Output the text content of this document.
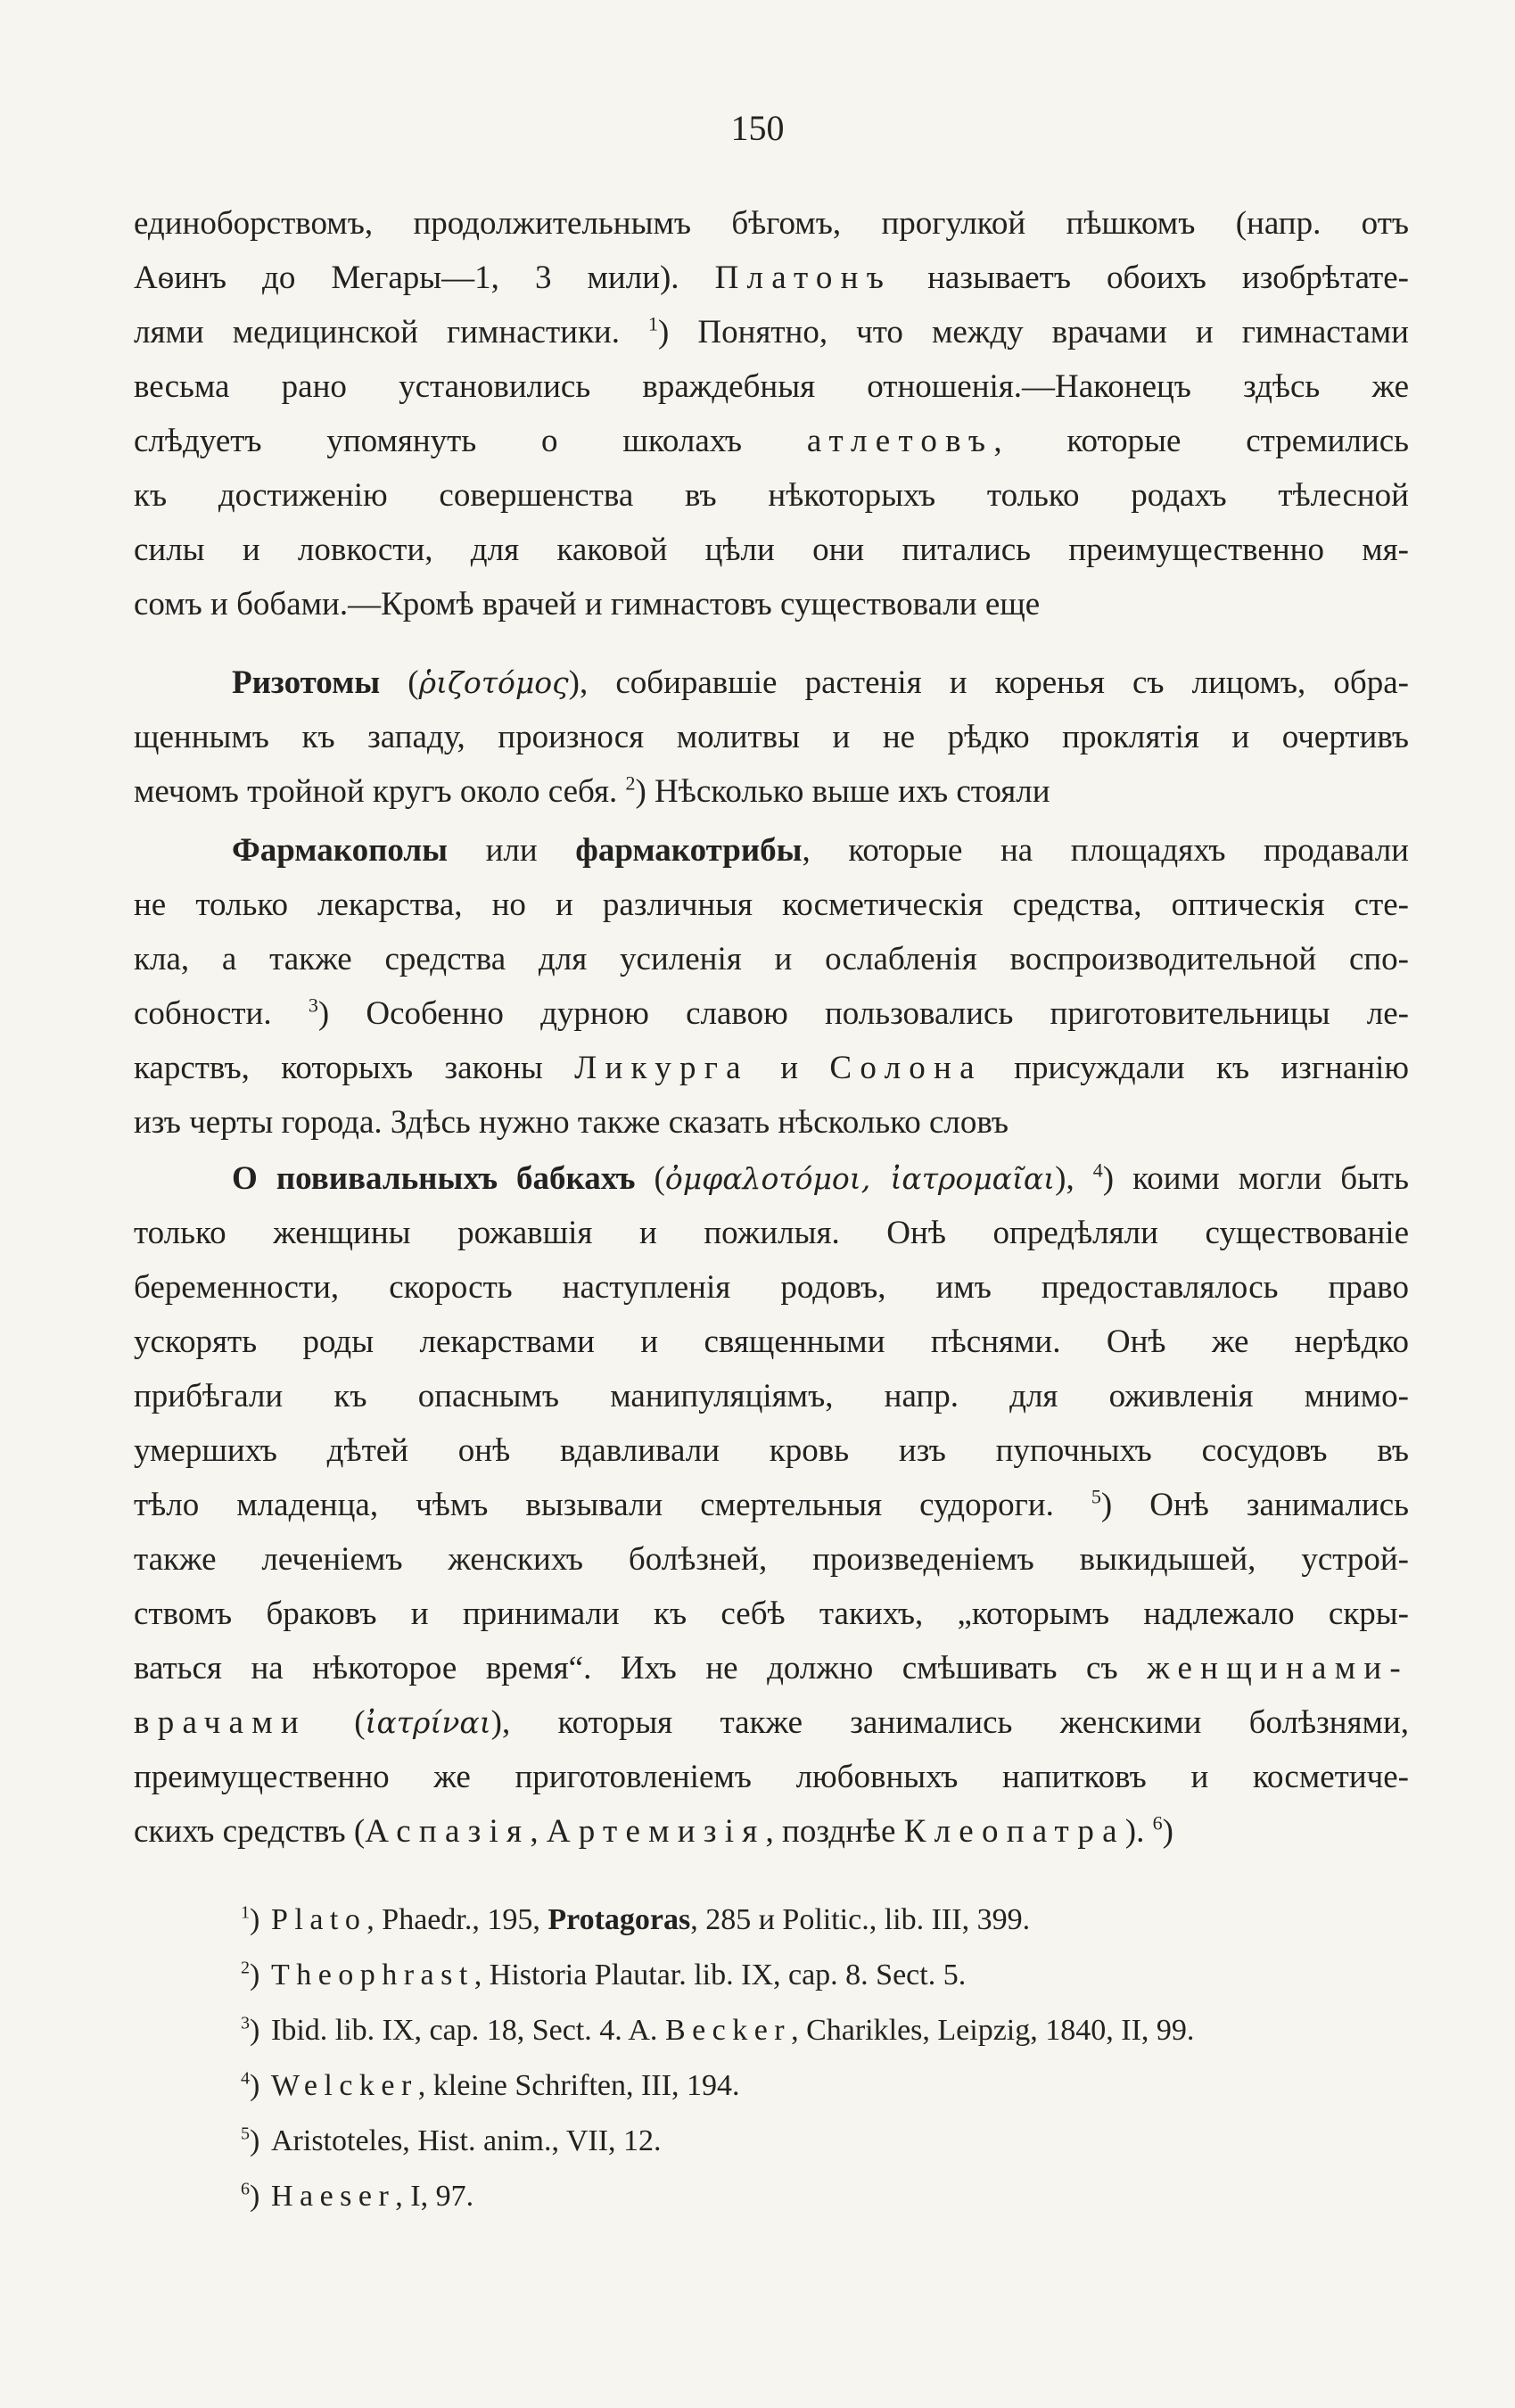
150
единоборствомъ, продолжительнымъ бѣгомъ, прогулкой пѣшкомъ (напр. отъ
Аѳинъ до Мегары—1, 3 мили). Платонъ называетъ обоихъ изобрѣтате-
лями медицинской гимнастики. $^1$) Понятно, что между врачами и гимнастами
весьма рано установились враждебныя отношенія.—Наконецъ здѣсь же
слѣдуетъ упомянуть о школахъ атлетовъ, которые стремились
къ достиженію совершенства въ нѣкоторыхъ только родахъ тѣлесной
силы и ловкости, для каковой цѣли они питались преимущественно мя-
сомъ и бобами.—Кромѣ врачей и гимнастовъ существовали еще
Ризотомы (ῥιζοτόμος), собиравшіе растенія и коренья съ лицомъ, обра-
щеннымъ къ западу, произнося молитвы и не рѣдко проклятія и очертивъ
мечомъ тройной кругъ около себя. $^2$) Нѣсколько выше ихъ стояли
Фармакополы или фармакотрибы, которые на площадяхъ продавали
не только лекарства, но и различныя косметическія средства, оптическія сте-
кла, а также средства для усиленія и ослабленія воспроизводительной спо-
собности. $^3$) Особенно дурною славою пользовались приготовительницы ле-
карствъ, которыхъ законы Ликурга и Солона присуждали къ изгнанію
изъ черты города. Здѣсь нужно также сказать нѣсколько словъ
О повивальныхъ бабкахъ (ὀμφαλοτόμοι, ἰατρομαῖαι), $^4$) коими могли быть
только женщины рожавшія и пожилыя. Онѣ опредѣляли существованіе
беременности, скорость наступленія родовъ, имъ предоставлялось право
ускорять роды лекарствами и священными пѣснями. Онѣ же нерѣдко
прибѣгали къ опаснымъ манипуляціямъ, напр. для оживленія мнимо-
умершихъ дѣтей онѣ вдавливали кровь изъ пупочныхъ сосудовъ въ
тѣло младенца, чѣмъ вызывали смертельныя судороги. $^5$) Онѣ занимались
также леченіемъ женскихъ болѣзней, произведеніемъ выкидышей, устрой-
ствомъ браковъ и принимали къ себѣ такихъ, „которымъ надлежало скры-
ваться на нѣкоторое время“. Ихъ не должно смѣшивать съ женщинами-
врачами (ἰατρίναι), которыя также занимались женскими болѣзнями,
преимущественно же приготовленіемъ любовныхъ напитковъ и косметиче-
скихъ средствъ (Аспазія, Артемизія, позднѣе Клеопатра). $^6$)
$^1$) Plato, Phaedr., 195, Protagoras, 285 и Politic., lib. III, 399.
$^2$) Theophrast, Historia Plautar. lib. IX, cap. 8. Sect. 5.
$^3$) Ibid. lib. IX, cap. 18, Sect. 4. A. Becker, Charikles, Leipzig, 1840, II, 99.
$^4$) Welcker, kleine Schriften, III, 194.
$^5$) Aristoteles, Hist. anim., VII, 12.
$^6$) Haeser, I, 97.
